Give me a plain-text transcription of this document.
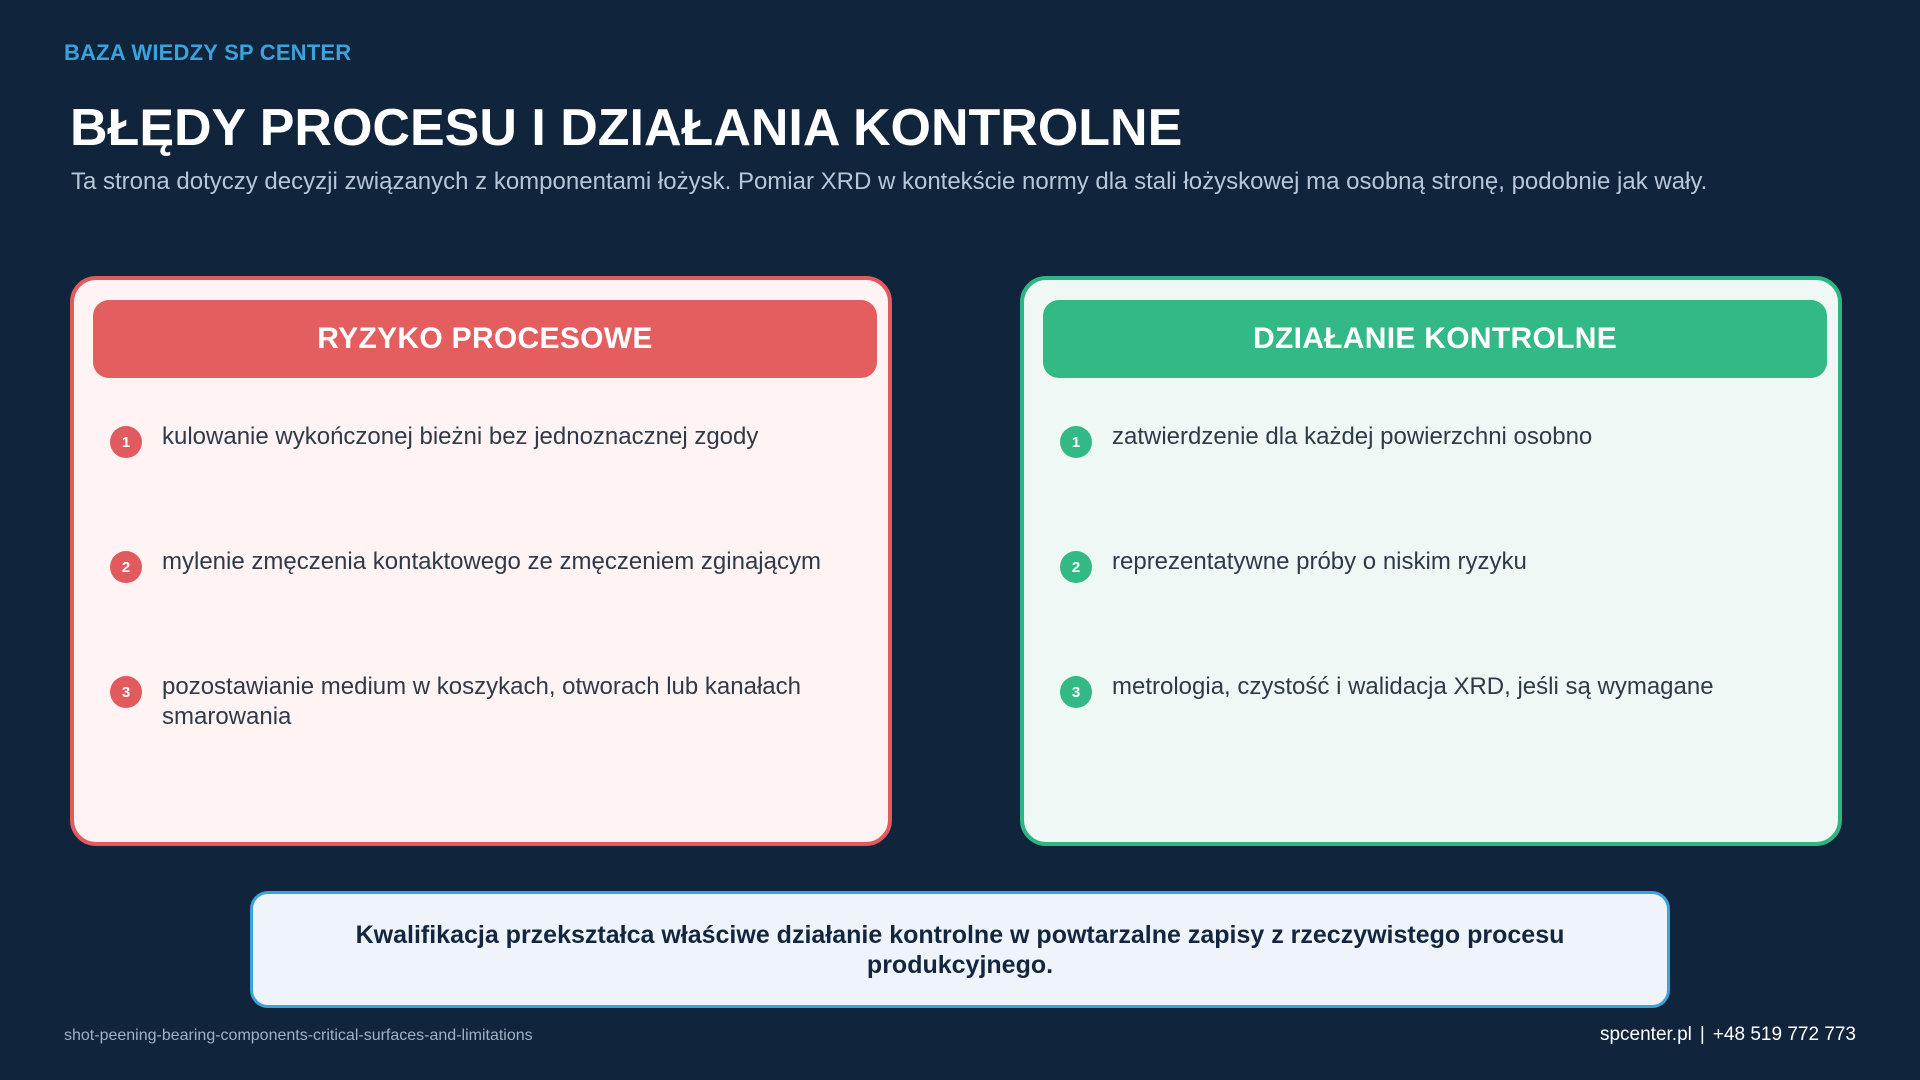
BAZA WIEDZY SP CENTER
BŁĘDY PROCESU I DZIAŁANIA KONTROLNE
Ta strona dotyczy decyzji związanych z komponentami łożysk. Pomiar XRD w kontekście normy dla stali łożyskowej ma osobną stronę, podobnie jak wały.
RYZYKO PROCESOWE
1	kulowanie wykończonej bieżni bez jednoznacznej zgody
2	mylenie zmęczenia kontaktowego ze zmęczeniem zginającym
3	pozostawianie medium w koszykach, otworach lub kanałach smarowania
DZIAŁANIE KONTROLNE
1	zatwierdzenie dla każdej powierzchni osobno
2	reprezentatywne próby o niskim ryzyku
3	metrologia, czystość i walidacja XRD, jeśli są wymagane
Kwalifikacja przekształca właściwe działanie kontrolne w powtarzalne zapisy z rzeczywistego procesu produkcyjnego.
shot-peening-bearing-components-critical-surfaces-and-limitations	spcenter.pl | +48 519 772 773
